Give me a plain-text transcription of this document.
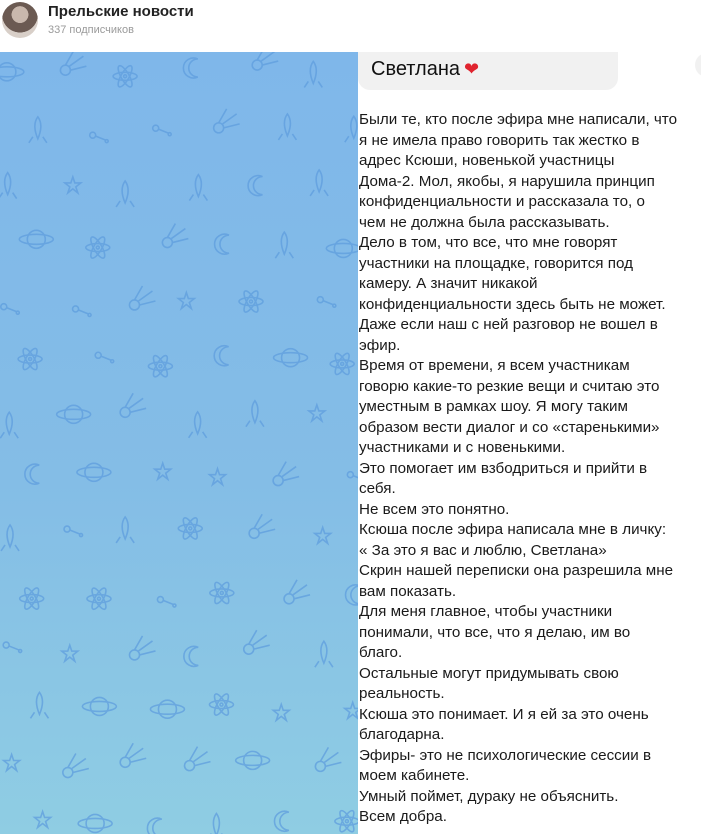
Прельские новости
337 подписчиков
Светлана ❤
Были те, кто после эфира мне написали, что
я не имела право говорить так жестко в
адрес Ксюши, новенькой участницы
Дома-2. Мол, якобы, я нарушила принцип
конфиденциальности и рассказала то, о
чем не должна была рассказывать.
Дело в том, что все, что мне говорят
участники на площадке, говорится под
камеру. А значит никакой
конфиденциальности здесь быть не может.
Даже если наш с ней разговор не вошел в
эфир.
Время от времени, я всем участникам
говорю какие-то резкие вещи и считаю это
уместным в рамках шоу. Я могу таким
образом вести диалог и со «старенькими»
участниками и с новенькими.
Это помогает им взбодриться и прийти в
себя.
Не всем это понятно.
Ксюша после эфира написала мне в личку:
« За это я вас и люблю, Светлана»
Скрин нашей переписки она разрешила мне
вам показать.
Для меня главное, чтобы участники
понимали, что все, что я делаю, им во
благо.
Остальные могут придумывать свою
реальность.
Ксюша это понимает. И я ей за это очень
благодарна.
Эфиры- это не психологические сессии в
моем кабинете.
Умный поймет, дураку не объяснить.
Всем добра.
